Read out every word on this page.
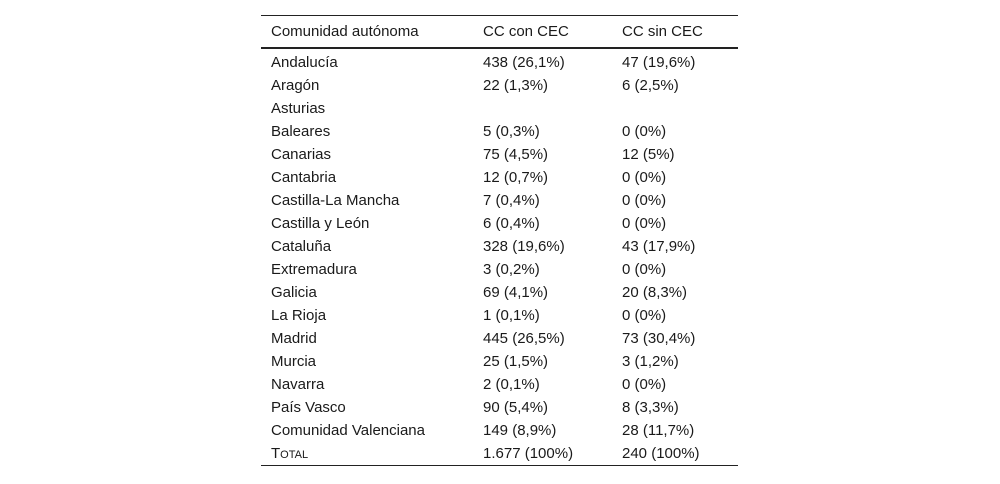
Comunidad autónoma	CC con CEC	CC sin CEC
Andalucía	438 (26,1%)	47 (19,6%)
Aragón	22 (1,3%)	6 (2,5%)
Asturias		
Baleares	5 (0,3%)	0 (0%)
Canarias	75 (4,5%)	12 (5%)
Cantabria	12 (0,7%)	0 (0%)
Castilla-La Mancha	7 (0,4%)	0 (0%)
Castilla y León	6 (0,4%)	0 (0%)
Cataluña	328 (19,6%)	43 (17,9%)
Extremadura	3 (0,2%)	0 (0%)
Galicia	69 (4,1%)	20 (8,3%)
La Rioja	1 (0,1%)	0 (0%)
Madrid	445 (26,5%)	73 (30,4%)
Murcia	25 (1,5%)	3 (1,2%)
Navarra	2 (0,1%)	0 (0%)
País Vasco	90 (5,4%)	8 (3,3%)
Comunidad Valenciana	149 (8,9%)	28 (11,7%)
Total	1.677 (100%)	240 (100%)
